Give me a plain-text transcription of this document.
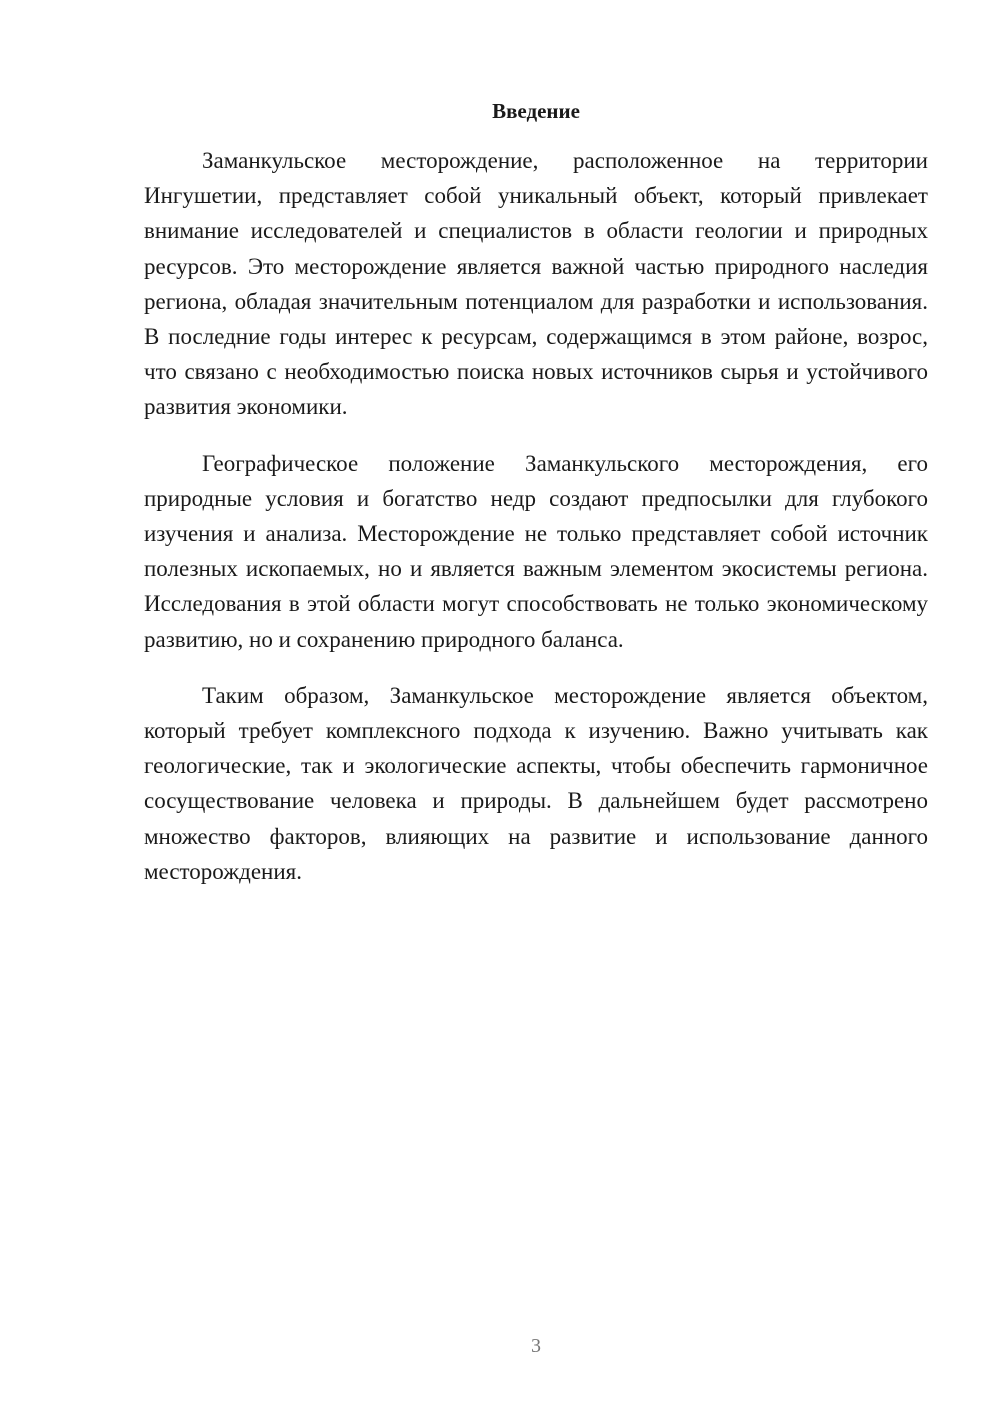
Введение

Заманкульское месторождение, расположенное на территории Ингушетии, представляет собой уникальный объект, который привлекает внимание исследователей и специалистов в области геологии и природных ресурсов. Это месторождение является важной частью природного наследия региона, обладая значительным потенциалом для разработки и использования. В последние годы интерес к ресурсам, содержащимся в этом районе, возрос, что связано с необходимостью поиска новых источников сырья и устойчивого развития экономики.

Географическое положение Заманкульского месторождения, его природные условия и богатство недр создают предпосылки для глубокого изучения и анализа. Месторождение не только представляет собой источник полезных ископаемых, но и является важным элементом экосистемы региона. Исследования в этой области могут способствовать не только экономическому развитию, но и сохранению природного баланса.

Таким образом, Заманкульское месторождение является объектом, который требует комплексного подхода к изучению. Важно учитывать как геологические, так и экологические аспекты, чтобы обеспечить гармоничное сосуществование человека и природы. В дальнейшем будет рассмотрено множество факторов, влияющих на развитие и использование данного месторождения.

3
